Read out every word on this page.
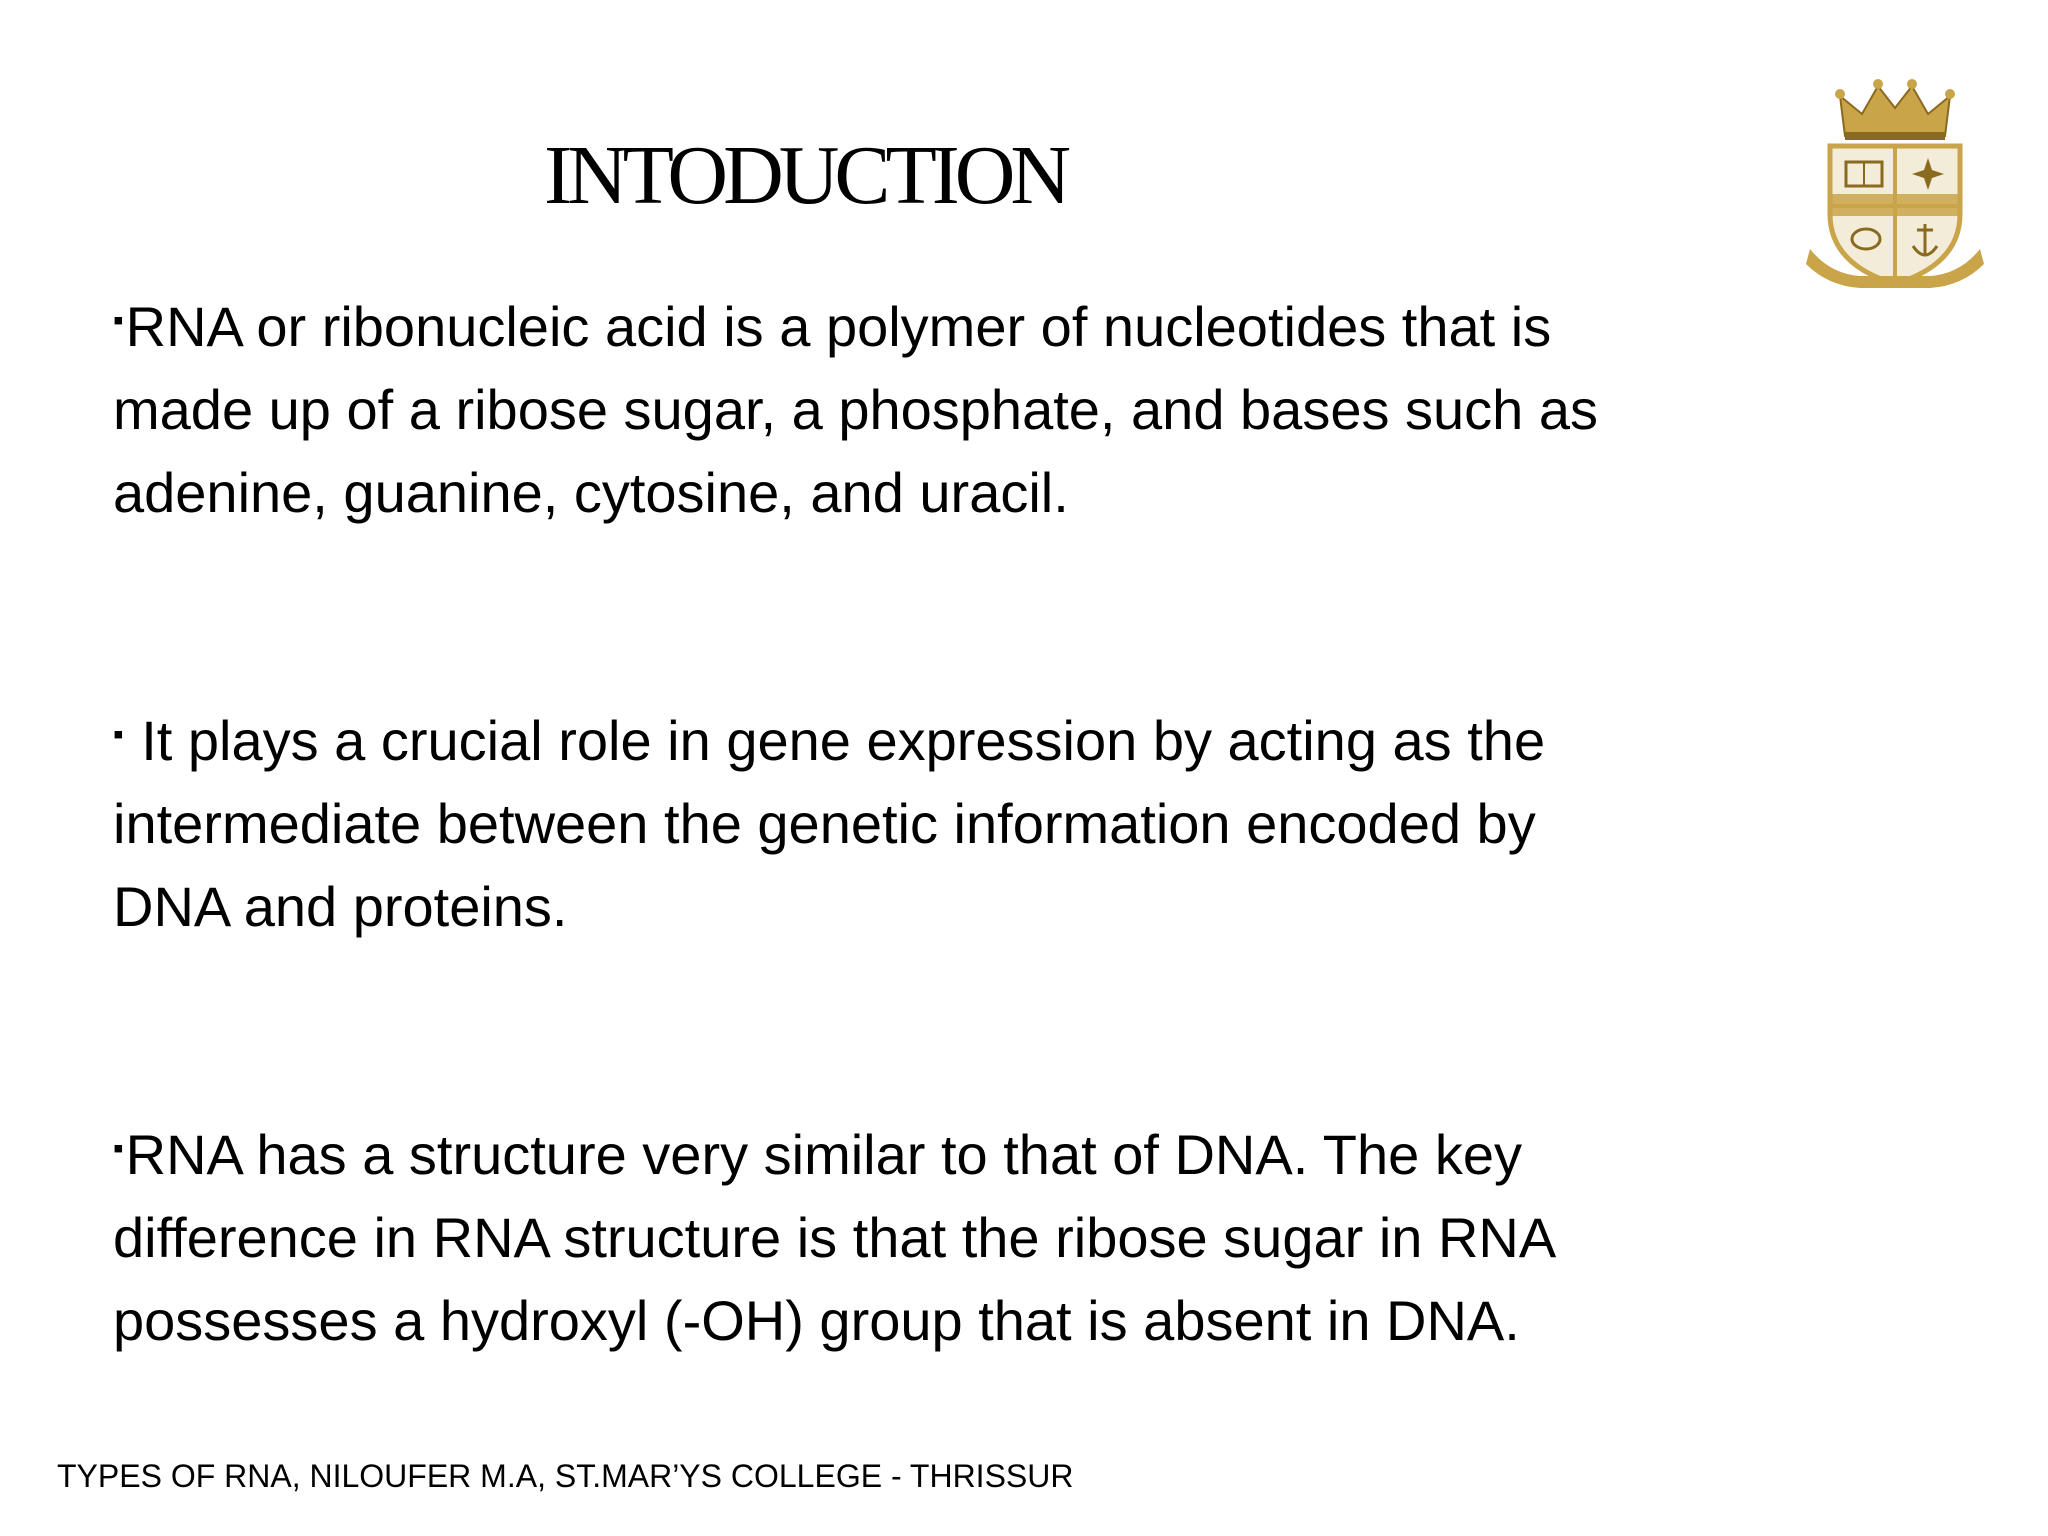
INTODUCTION
▪RNA or ribonucleic acid is a polymer of nucleotides that is
made up of a ribose sugar, a phosphate, and bases such as
adenine, guanine, cytosine, and uracil.
▪ It plays a crucial role in gene expression by acting as the
intermediate between the genetic information encoded by
DNA and proteins.
▪RNA has a structure very similar to that of DNA. The key
difference in RNA structure is that the ribose sugar in RNA
possesses a hydroxyl (-OH) group that is absent in DNA.
TYPES OF RNA, NILOUFER M.A, ST.MAR’YS COLLEGE - THRISSUR
